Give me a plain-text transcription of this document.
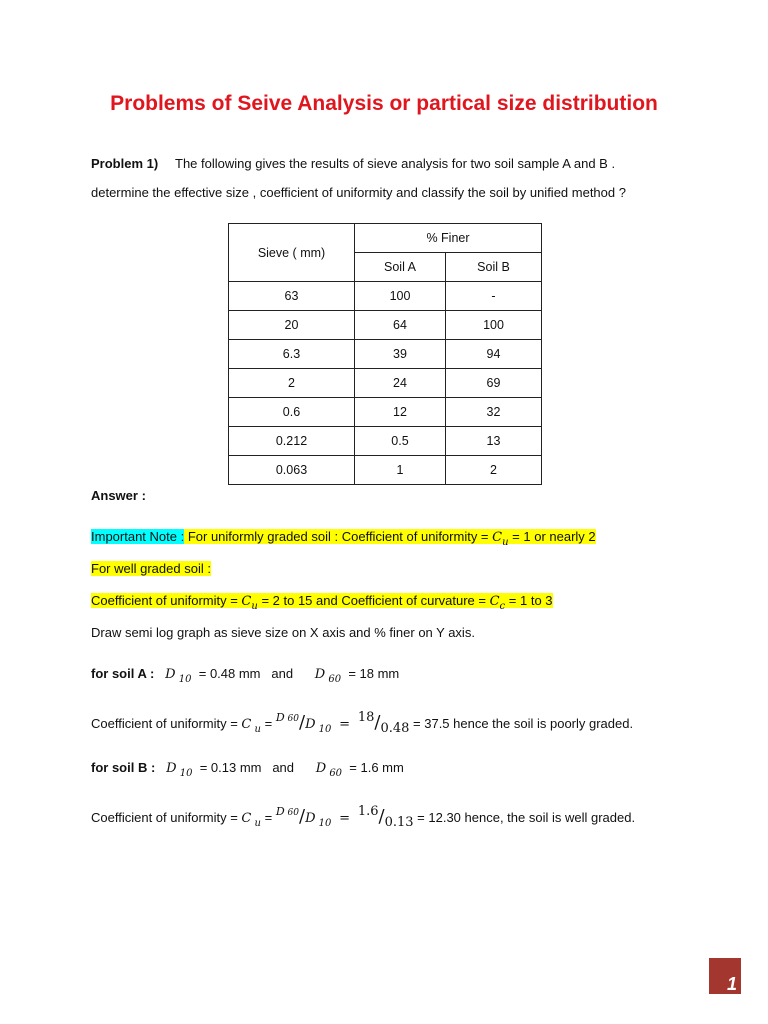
Problems of Seive Analysis or partical size distribution
Problem 1) The following gives the results of sieve analysis for two soil sample A and B .
determine the effective size , coefficient of uniformity and classify the soil by unified method ?
Sieve ( mm)	% Finer	
	Soil A	Soil B
63	100	-
20	64	100
6.3	39	94
2	24	69
0.6	12	32
0.212	0.5	13
0.063	1	2
Answer :
Important Note : For uniformly graded soil : Coefficient of uniformity = $C_u = 1$ or nearly 2
For well graded soil :
Coefficient of uniformity = $C_u = 2$ to 15 and Coefficient of curvature = $C_c = 1$ to 3
Draw semi log graph as sieve size on X axis and % finer on Y axis.
for soil A : D $_{10}$ = 0.48 mm and D $_{60}$ = 18 mm
Coefficient of uniformity = C $_u$ = $^{D 60}$/D $_{10}$  =  18/0.48 = 37.5 hence the soil is poorly graded.
for soil B : D $_{10}$ = 0.13 mm and D $_{60}$ = 1.6 mm
Coefficient of uniformity = C $_u$ = $^{D 60}$/D $_{10}$  =  1.6/0.13 = 12.30 hence, the soil is well graded.
1
